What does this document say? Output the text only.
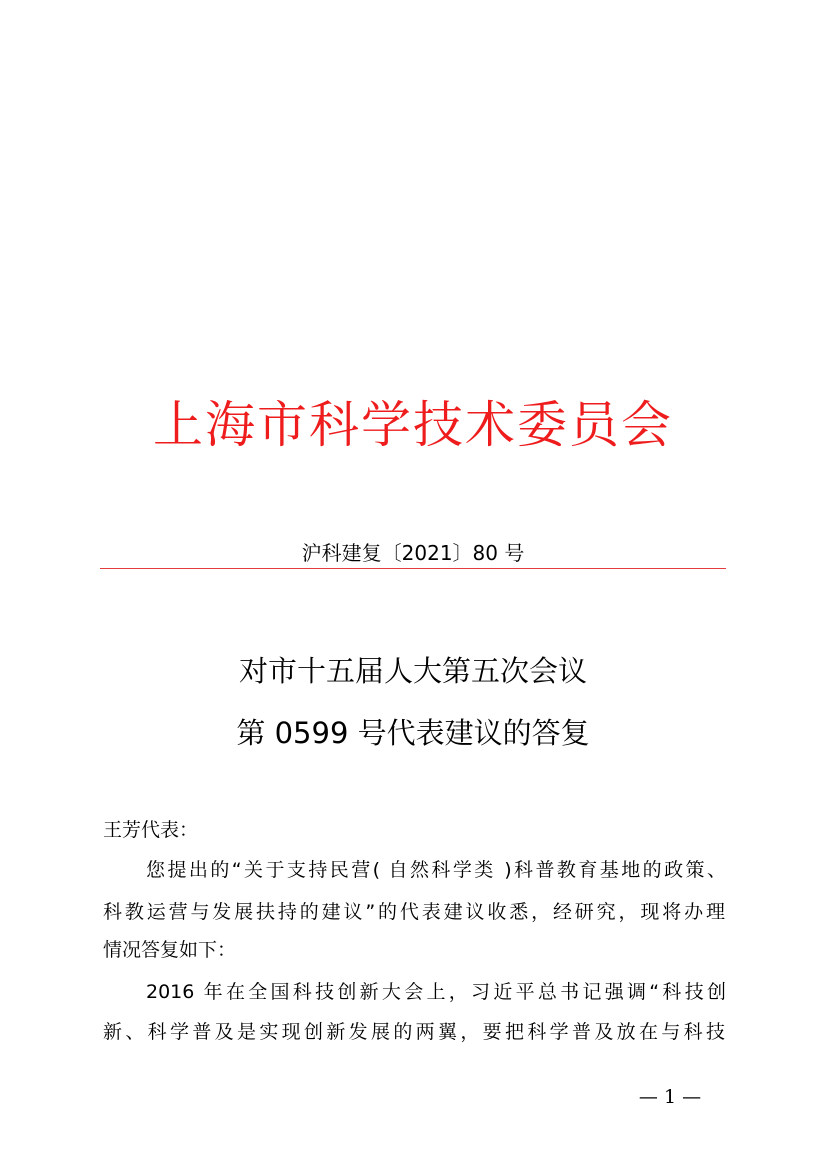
上海市科学技术委员会
沪科建复〔2021〕80 号
对市十五届人大第五次会议
第 0599 号代表建议的答复
王芳代表：
您提出的“关于支持民营( 自然科学类 )科普教育基地的政策、
科教运营与发展扶持的建议”的代表建议收悉，经研究，现将办理
情况答复如下：
2016 年在全国科技创新大会上，习近平总书记强调“科技创
新、科学普及是实现创新发展的两翼，要把科学普及放在与科技
— 1 —
